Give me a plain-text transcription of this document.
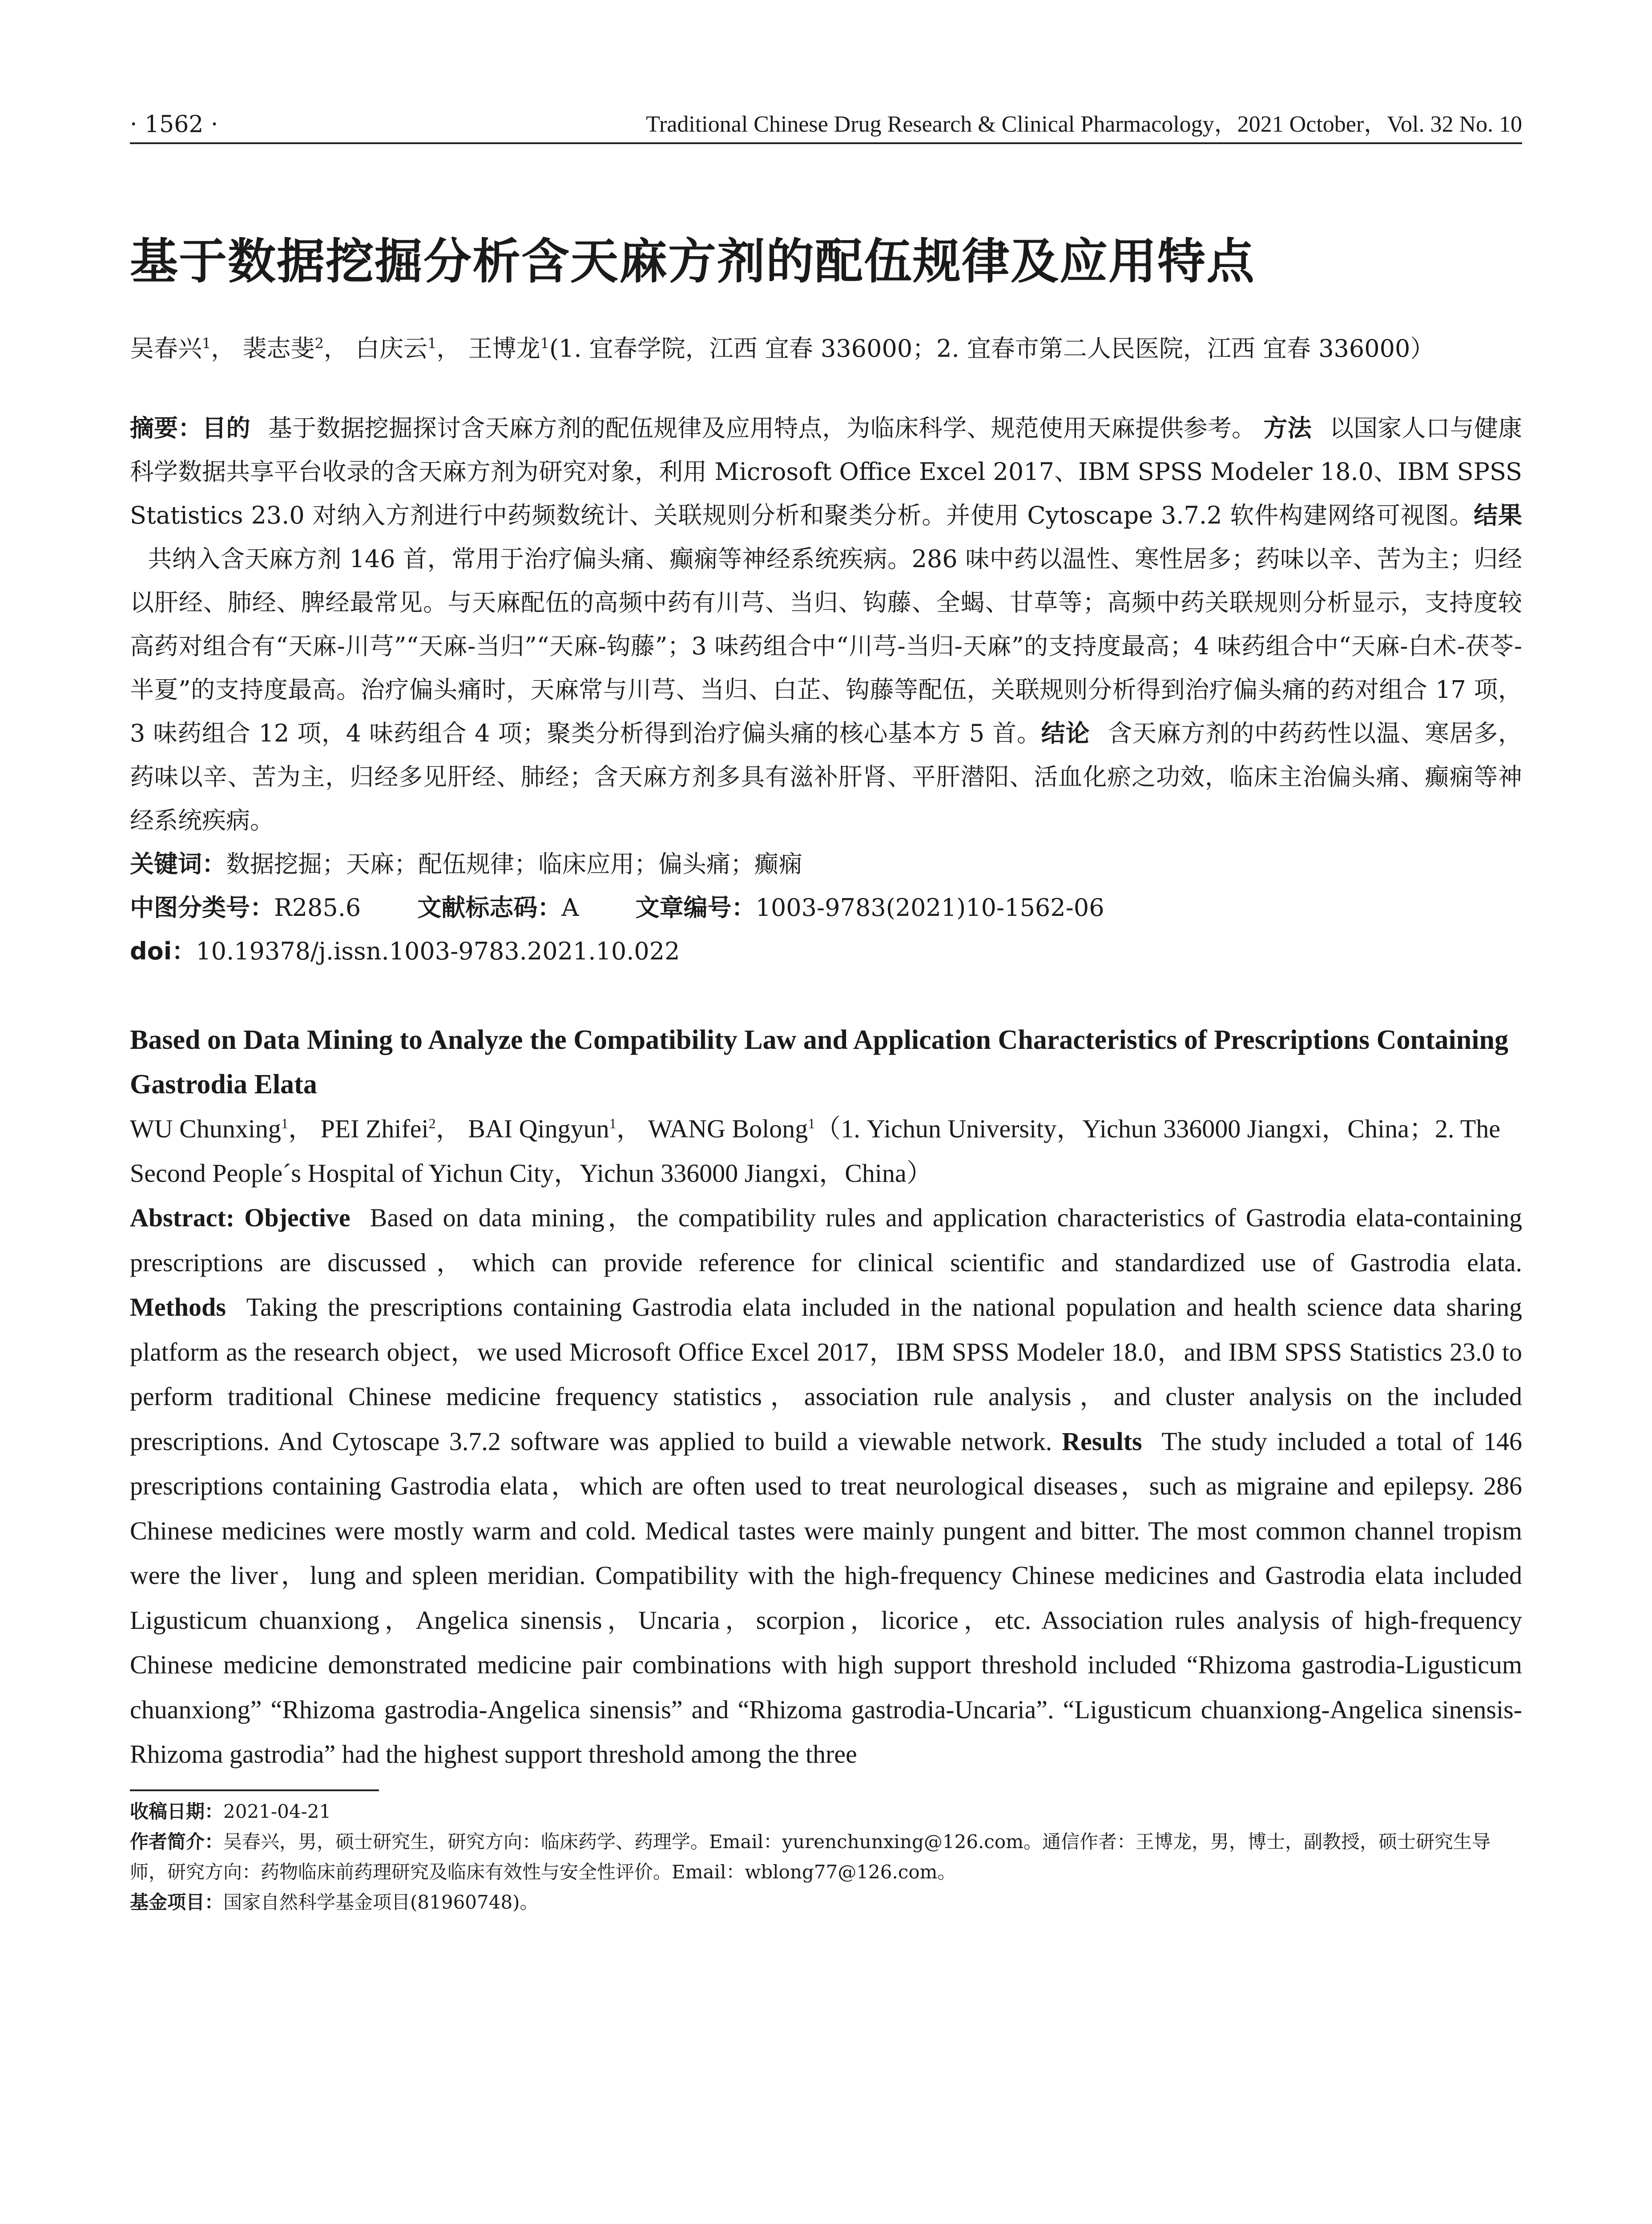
· 1562 ·	Traditional Chinese Drug Research & Clinical Pharmacology，2021 October，Vol. 32 No. 10
基于数据挖掘分析含天麻方剂的配伍规律及应用特点
吴春兴$^1$， 裴志斐$^2$， 白庆云$^1$， 王博龙$^1$(1. 宜春学院，江西 宜春 336000；2. 宜春市第二人民医院，江西 宜春 336000）
摘要：目的 基于数据挖掘探讨含天麻方剂的配伍规律及应用特点，为临床科学、规范使用天麻提供参考。 方法 以国家人口与健康科学数据共享平台收录的含天麻方剂为研究对象，利用 Microsoft Office Excel 2017、IBM SPSS Modeler 18.0、IBM SPSS Statistics 23.0 对纳入方剂进行中药频数统计、关联规则分析和聚类分析。并使用 Cytoscape 3.7.2 软件构建网络可视图。结果共纳入含天麻方剂 146 首，常用于治疗偏头痛、癫痫等神经系统疾病。286 味中药以温性、寒性居多；药味以辛、苦为主；归经以肝经、肺经、脾经最常见。与天麻配伍的高频中药有川芎、当归、钩藤、全蝎、甘草等；高频中药关联规则分析显示，支持度较高药对组合有“天麻-川芎”“天麻-当归”“天麻-钩藤”；3 味药组合中“川芎-当归-天麻”的支持度最高；4 味药组合中“天麻-白术-茯苓-半夏”的支持度最高。治疗偏头痛时，天麻常与川芎、当归、白芷、钩藤等配伍，关联规则分析得到治疗偏头痛的药对组合 17 项，3 味药组合 12 项，4 味药组合 4 项；聚类分析得到治疗偏头痛的核心基本方 5 首。结论 含天麻方剂的中药药性以温、寒居多，药味以辛、苦为主，归经多见肝经、肺经；含天麻方剂多具有滋补肝肾、平肝潜阳、活血化瘀之功效，临床主治偏头痛、癫痫等神经系统疾病。
关键词：数据挖掘；天麻；配伍规律；临床应用；偏头痛；癫痫
中图分类号：R285.6 文献标志码：A 文章编号：1003-9783(2021)10-1562-06
doi：10.19378/j.issn.1003-9783.2021.10.022
Based on Data Mining to Analyze the Compatibility Law and Application Characteristics of Prescriptions Containing Gastrodia Elata
WU Chunxing$^1$， PEI Zhifei$^2$， BAI Qingyun$^1$， WANG Bolong$^1$（1. Yichun University，Yichun 336000 Jiangxi，China；2. The Second People´s Hospital of Yichun City，Yichun 336000 Jiangxi，China）
Abstract: Objective Based on data mining，the compatibility rules and application characteristics of Gastrodia elata-containing prescriptions are discussed，which can provide reference for clinical scientific and standardized use of Gastrodia elata. Methods Taking the prescriptions containing Gastrodia elata included in the national population and health science data sharing platform as the research object，we used Microsoft Office Excel 2017，IBM SPSS Modeler 18.0，and IBM SPSS Statistics 23.0 to perform traditional Chinese medicine frequency statistics，association rule analysis，and cluster analysis on the included prescriptions. And Cytoscape 3.7.2 software was applied to build a viewable network. Results The study included a total of 146 prescriptions containing Gastrodia elata，which are often used to treat neurological diseases，such as migraine and epilepsy. 286 Chinese medicines were mostly warm and cold. Medical tastes were mainly pungent and bitter. The most common channel tropism were the liver，lung and spleen meridian. Compatibility with the high-frequency Chinese medicines and Gastrodia elata included Ligusticum chuanxiong，Angelica sinensis，Uncaria，scorpion，licorice，etc. Association rules analysis of high-frequency Chinese medicine demonstrated medicine pair combinations with high support threshold included “Rhizoma gastrodia-Ligusticum chuanxiong” “Rhizoma gastrodia-Angelica sinensis” and “Rhizoma gastrodia-Uncaria”. “Ligusticum chuanxiong-Angelica sinensis-Rhizoma gastrodia” had the highest support threshold among the three
收稿日期：2021-04-21
作者简介：吴春兴，男，硕士研究生，研究方向：临床药学、药理学。Email：yurenchunxing@126.com。通信作者：王博龙，男，博士，副教授，硕士研究生导师，研究方向：药物临床前药理研究及临床有效性与安全性评价。Email：wblong77@126.com。
基金项目：国家自然科学基金项目(81960748)。
